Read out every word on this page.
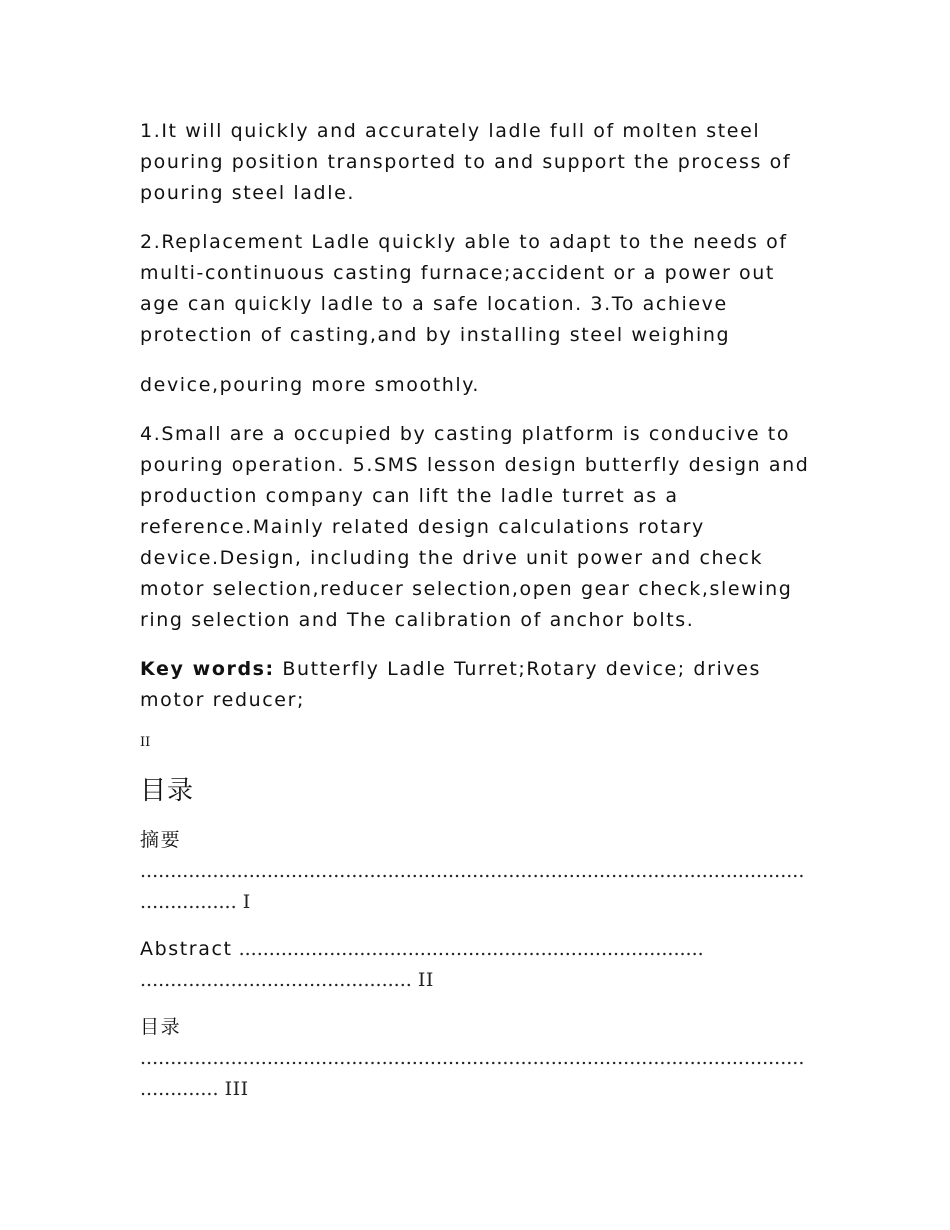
1.It will quickly and accurately ladle full of molten steel pouring position transported to and support the process of pouring steel ladle.

2.Replacement Ladle quickly able to adapt to the needs of multi-continuous casting furnace;accident or a power out age can quickly ladle to a safe location. 3.To achieve protection of casting,and by installing steel weighing

device,pouring more smoothly.

4.Small are a occupied by casting platform is conducive to pouring operation. 5.SMS lesson design butterfly design and production company can lift the ladle turret as a reference.Mainly related design calculations rotary device.Design, including the drive unit power and check motor selection,reducer selection,open gear check,slewing ring selection and The calibration of anchor bolts.

Key words: Butterfly Ladle Turret;Rotary device; drives motor reducer;

II
目录
摘要
.............................................................................................................................. I
Abstract .............................................................................
............................................. II
目录
........................................................................................................................... III
